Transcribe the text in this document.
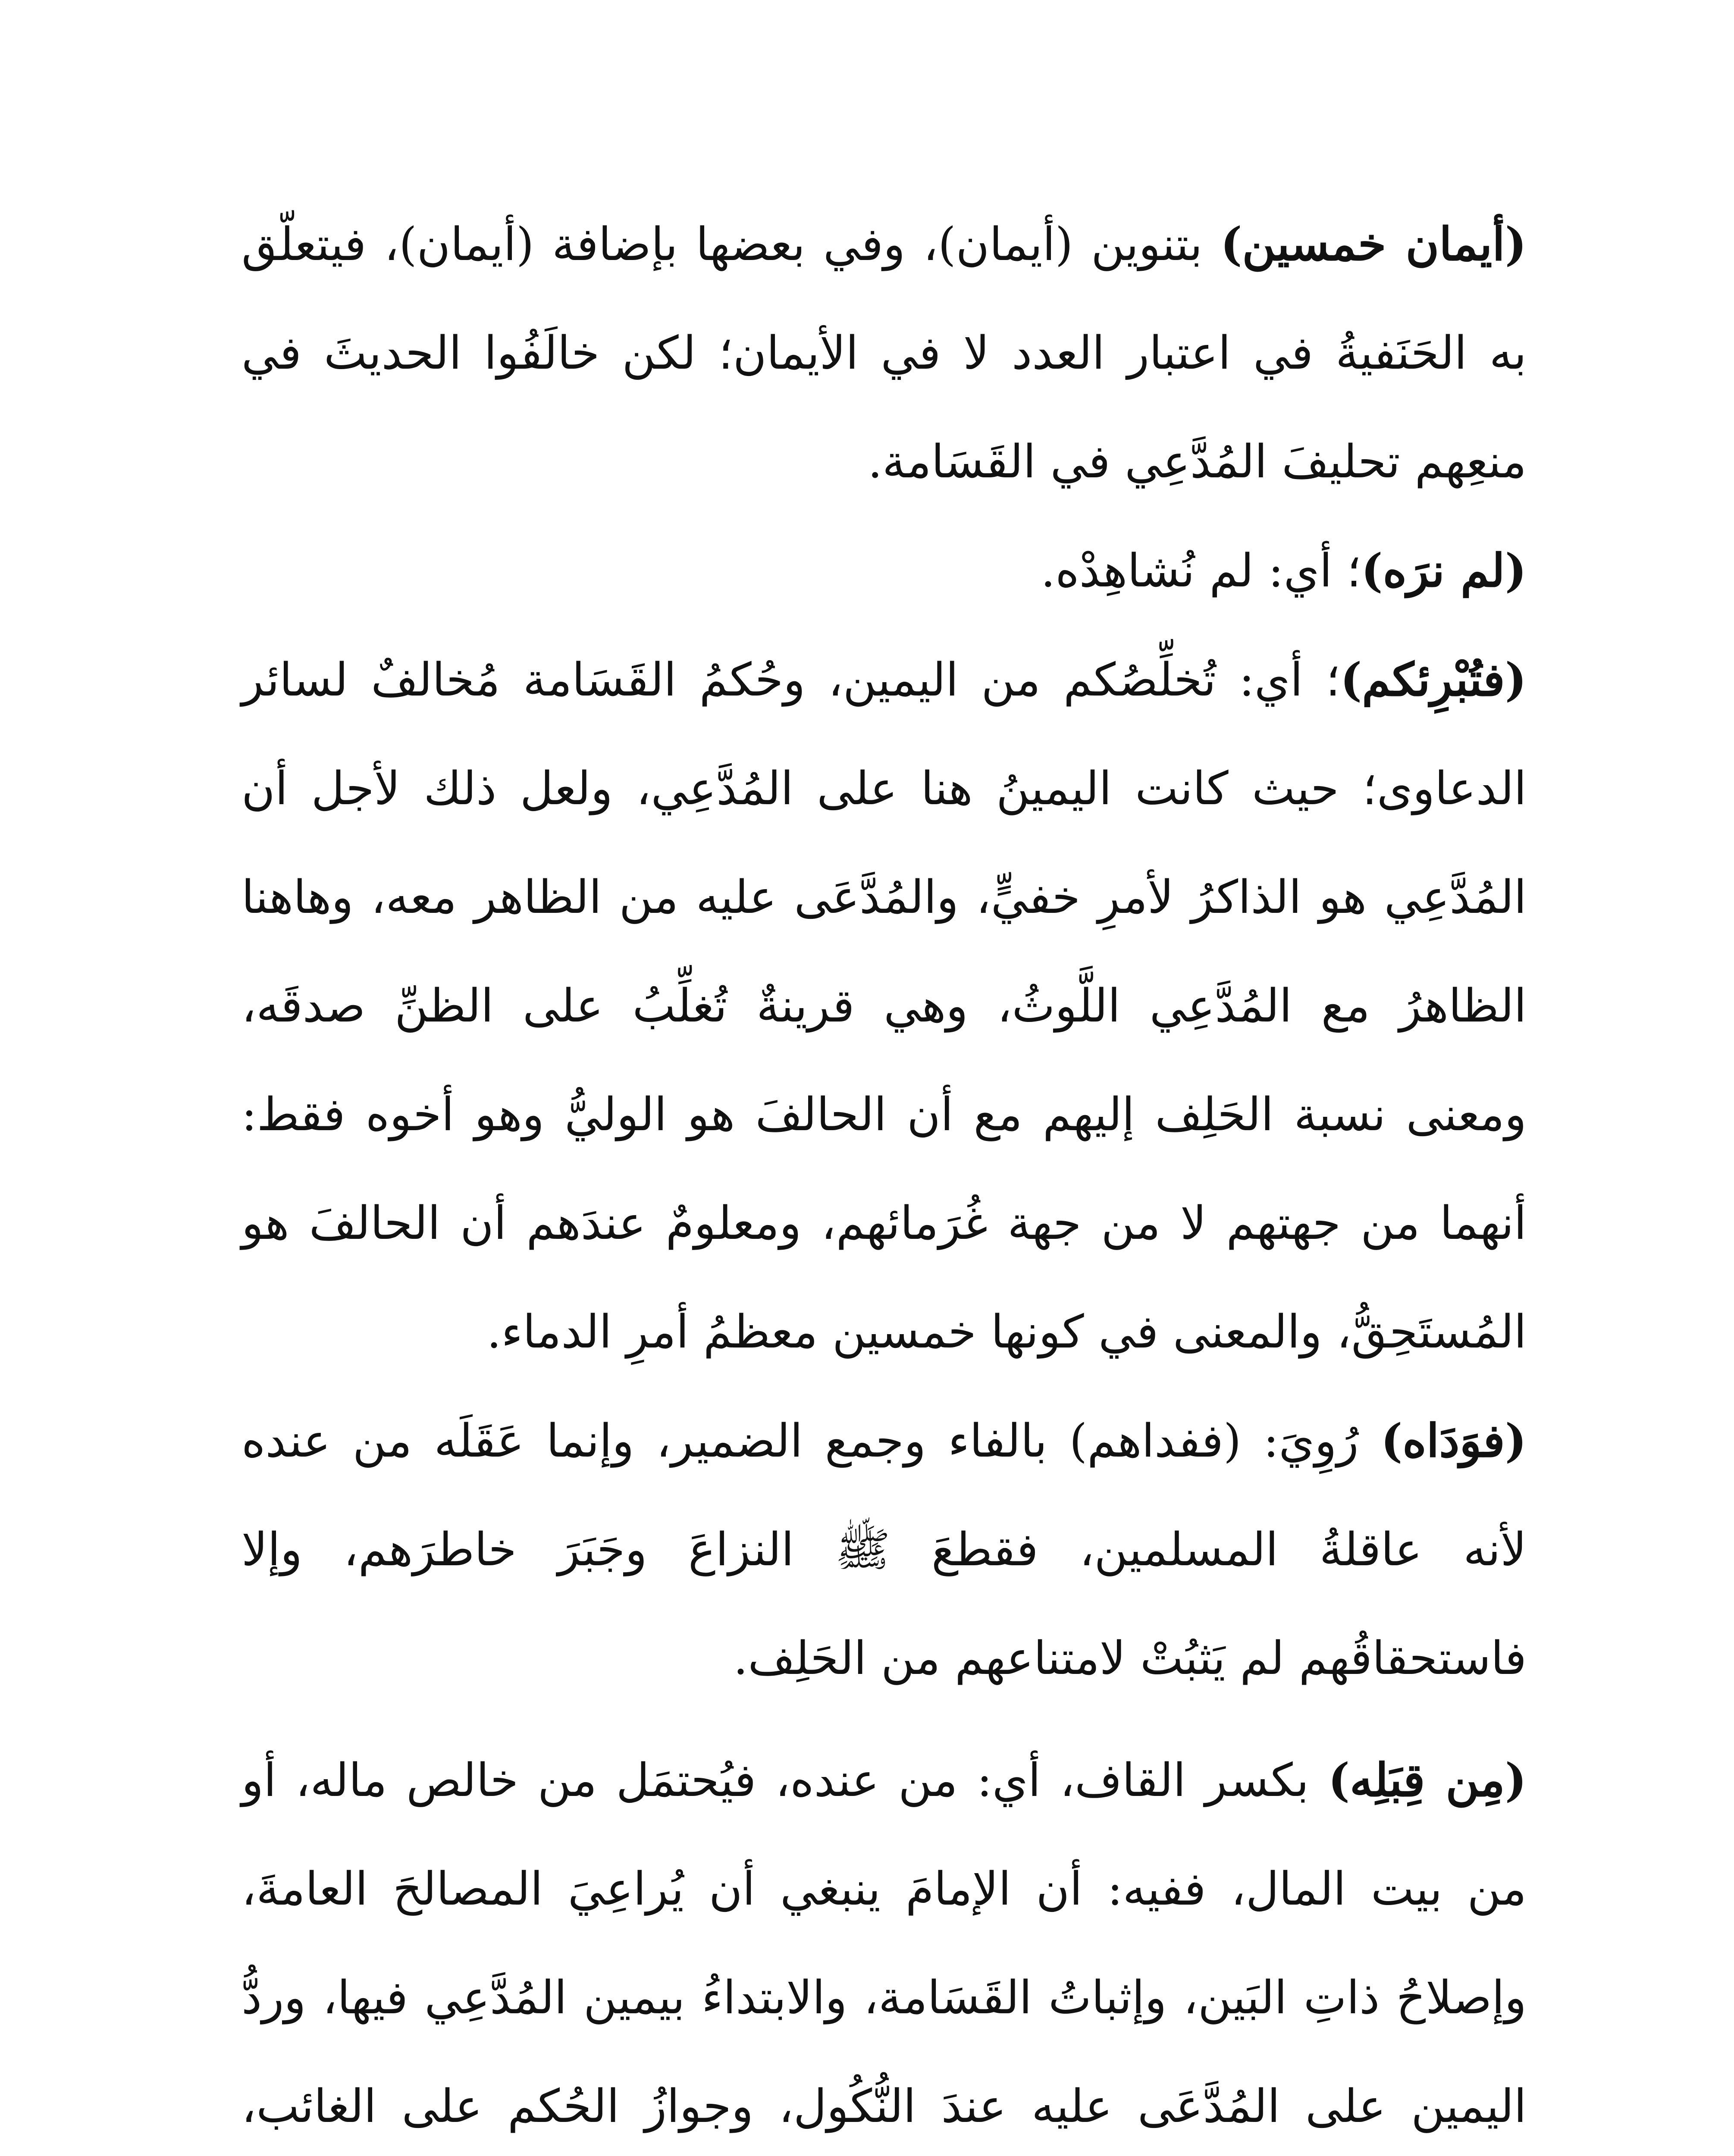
(أيمان خمسين) بتنوين (أيمان)، وفي بعضها بإضافة (أيمان)، فيتعلّق به الحَنَفيةُ في اعتبار العدد لا في الأيمان؛ لكن خالَفُوا الحديثَ في منعِهم تحليفَ المُدَّعِي في القَسَامة.

(لم نرَه)؛ أي: لم نُشاهِدْه.

(فتُبْرِئكم)؛ أي: تُخلِّصُكم من اليمين، وحُكمُ القَسَامة مُخالفٌ لسائر الدعاوى؛ حيث كانت اليمينُ هنا على المُدَّعِي، ولعل ذلك لأجل أن المُدَّعِي هو الذاكرُ لأمرِ خفيٍّ، والمُدَّعَى عليه من الظاهر معه، وهاهنا الظاهرُ مع المُدَّعِي اللَّوثُ، وهي قرينةٌ تُغلِّبُ على الظنِّ صدقَه، ومعنى نسبة الحَلِف إليهم مع أن الحالفَ هو الوليُّ وهو أخوه فقط: أنهما من جهتهم لا من جهة غُرَمائهم، ومعلومٌ عندَهم أن الحالفَ هو المُستَحِقُّ، والمعنى في كونها خمسين معظمُ أمرِ الدماء.

(فوَدَاه) رُوِيَ: (ففداهم) بالفاء وجمع الضمير، وإنما عَقَلَه من عنده لأنه عاقلةُ المسلمين، فقطعَ ﷺ النزاعَ وجَبَرَ خاطرَهم، وإلا فاستحقاقُهم لم يَثبُتْ لامتناعهم من الحَلِف.

(مِن قِبَلِه) بكسر القاف، أي: من عنده، فيُحتمَل من خالص ماله، أو من بيت المال، ففيه: أن الإمامَ ينبغي أن يُراعِيَ المصالحَ العامةَ، وإصلاحُ ذاتِ البَين، وإثباتُ القَسَامة، والابتداءُ بيمين المُدَّعِي فيها، وردُّ اليمين على المُدَّعَى عليه عندَ النُّكُول، وجوازُ الحُكم على الغائب،
